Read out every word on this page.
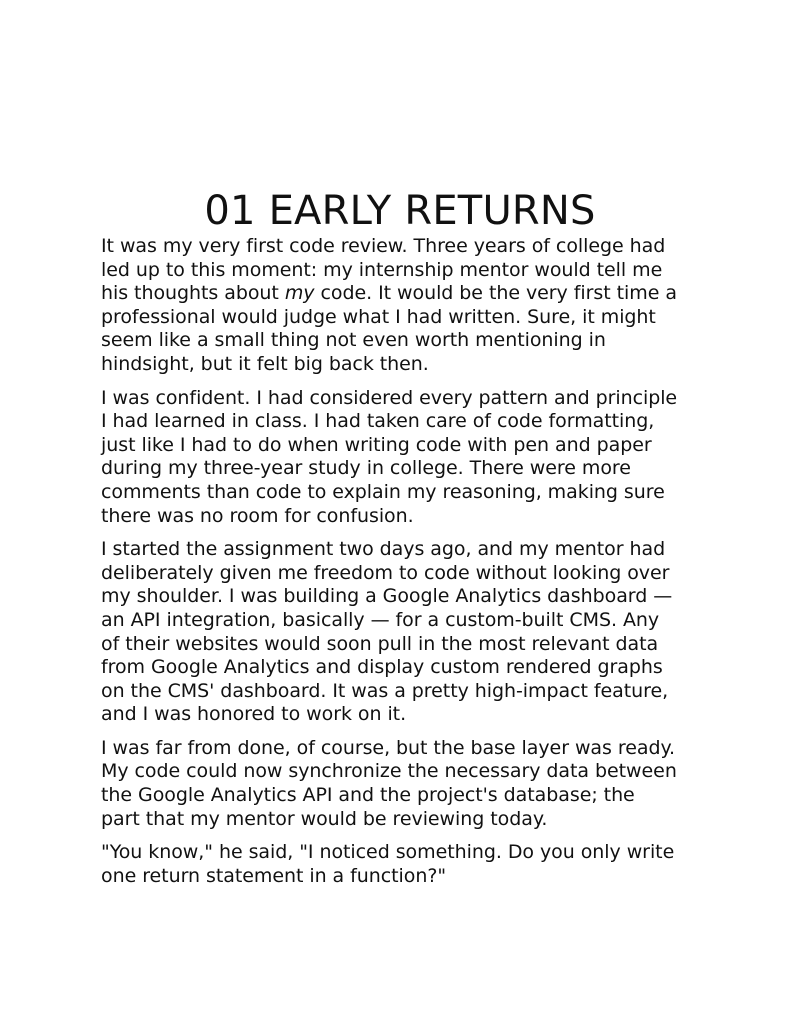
01 EARLY RETURNS

It was my very first code review. Three years of college had
led up to this moment: my internship mentor would tell me
his thoughts about my code. It would be the very first time a
professional would judge what I had written. Sure, it might
seem like a small thing not even worth mentioning in
hindsight, but it felt big back then.

I was confident. I had considered every pattern and principle
I had learned in class. I had taken care of code formatting,
just like I had to do when writing code with pen and paper
during my three-year study in college. There were more
comments than code to explain my reasoning, making sure
there was no room for confusion.

I started the assignment two days ago, and my mentor had
deliberately given me freedom to code without looking over
my shoulder. I was building a Google Analytics dashboard —
an API integration, basically — for a custom-built CMS. Any
of their websites would soon pull in the most relevant data
from Google Analytics and display custom rendered graphs
on the CMS' dashboard. It was a pretty high-impact feature,
and I was honored to work on it.

I was far from done, of course, but the base layer was ready.
My code could now synchronize the necessary data between
the Google Analytics API and the project's database; the
part that my mentor would be reviewing today.

"You know," he said, "I noticed something. Do you only write
one return statement in a function?"
